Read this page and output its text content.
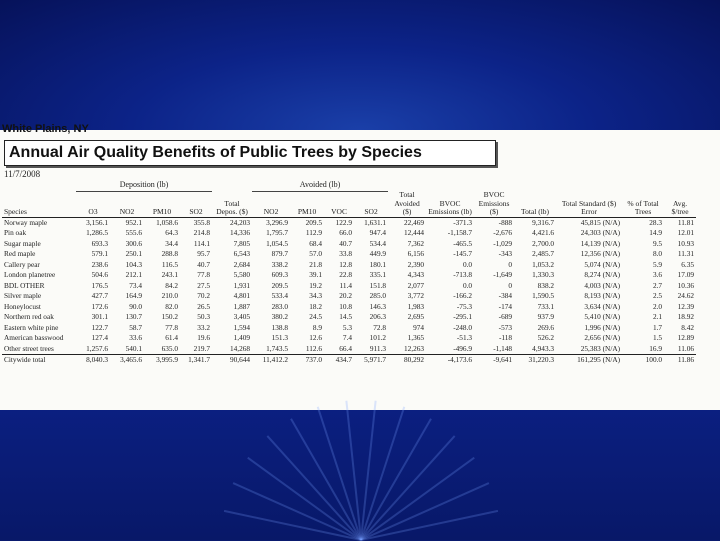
White Plains, NY
Annual Air Quality Benefits of Public Trees by Species
11/7/2008
	Deposition (lb)					Avoided (lb)										
Species	O3	NO2	PM10	SO2	Total Depos. ($)	NO2	PM10	VOC	SO2	Total Avoided ($)	BVOC Emissions (lb)	BVOC Emissions ($)	Total (lb)	Total Standard ($) Error	% of Total Trees	Avg. $/tree
Norway maple	3,156.1	952.1	1,058.6	355.8	24,203	3,296.9	209.5	122.9	1,631.1	22,469	-371.3	-888	9,316.7	45,815 (N/A)	28.3	11.81
Pin oak	1,286.5	555.6	64.3	214.8	14,336	1,795.7	112.9	66.0	947.4	12,444	-1,158.7	-2,676	4,421.6	24,303 (N/A)	14.9	12.01
Sugar maple	693.3	300.6	34.4	114.1	7,805	1,054.5	68.4	40.7	534.4	7,362	-465.5	-1,029	2,700.0	14,139 (N/A)	9.5	10.93
Red maple	579.1	250.1	288.8	95.7	6,543	879.7	57.0	33.8	449.9	6,156	-145.7	-343	2,485.7	12,356 (N/A)	8.0	11.31
Callery pear	238.6	104.3	116.5	40.7	2,684	338.2	21.8	12.8	180.1	2,390	0.0	0	1,053.2	5,074 (N/A)	5.9	6.35
London planetree	504.6	212.1	243.1	77.8	5,580	609.3	39.1	22.8	335.1	4,343	-713.8	-1,649	1,330.3	8,274 (N/A)	3.6	17.09
BDL OTHER	176.5	73.4	84.2	27.5	1,931	209.5	19.2	11.4	151.8	2,077	0.0	0	838.2	4,003 (N/A)	2.7	10.36
Silver maple	427.7	164.9	210.0	70.2	4,801	533.4	34.3	20.2	285.0	3,772	-166.2	-384	1,590.5	8,193 (N/A)	2.5	24.62
Honeylocust	172.6	90.0	82.0	26.5	1,887	283.0	18.2	10.8	146.3	1,983	-75.3	-174	733.1	3,634 (N/A)	2.0	12.39
Northern red oak	301.1	130.7	150.2	50.3	3,405	380.2	24.5	14.5	206.3	2,695	-295.1	-689	937.9	5,410 (N/A)	2.1	18.92
Eastern white pine	122.7	58.7	77.8	33.2	1,594	138.8	8.9	5.3	72.8	974	-248.0	-573	269.6	1,996 (N/A)	1.7	8.42
American basswood	127.4	33.6	61.4	19.6	1,409	151.3	12.6	7.4	101.2	1,365	-51.3	-118	526.2	2,656 (N/A)	1.5	12.89
Other street trees	1,257.6	540.1	635.0	219.7	14,268	1,743.5	112.6	66.4	911.3	12,263	-496.9	-1,148	4,943.3	25,383 (N/A)	16.9	11.06
Citywide total	8,040.3	3,465.6	3,995.9	1,341.7	90,644	11,412.2	737.0	434.7	5,971.7	80,292	-4,173.6	-9,641	31,220.3	161,295 (N/A)	100.0	11.86
